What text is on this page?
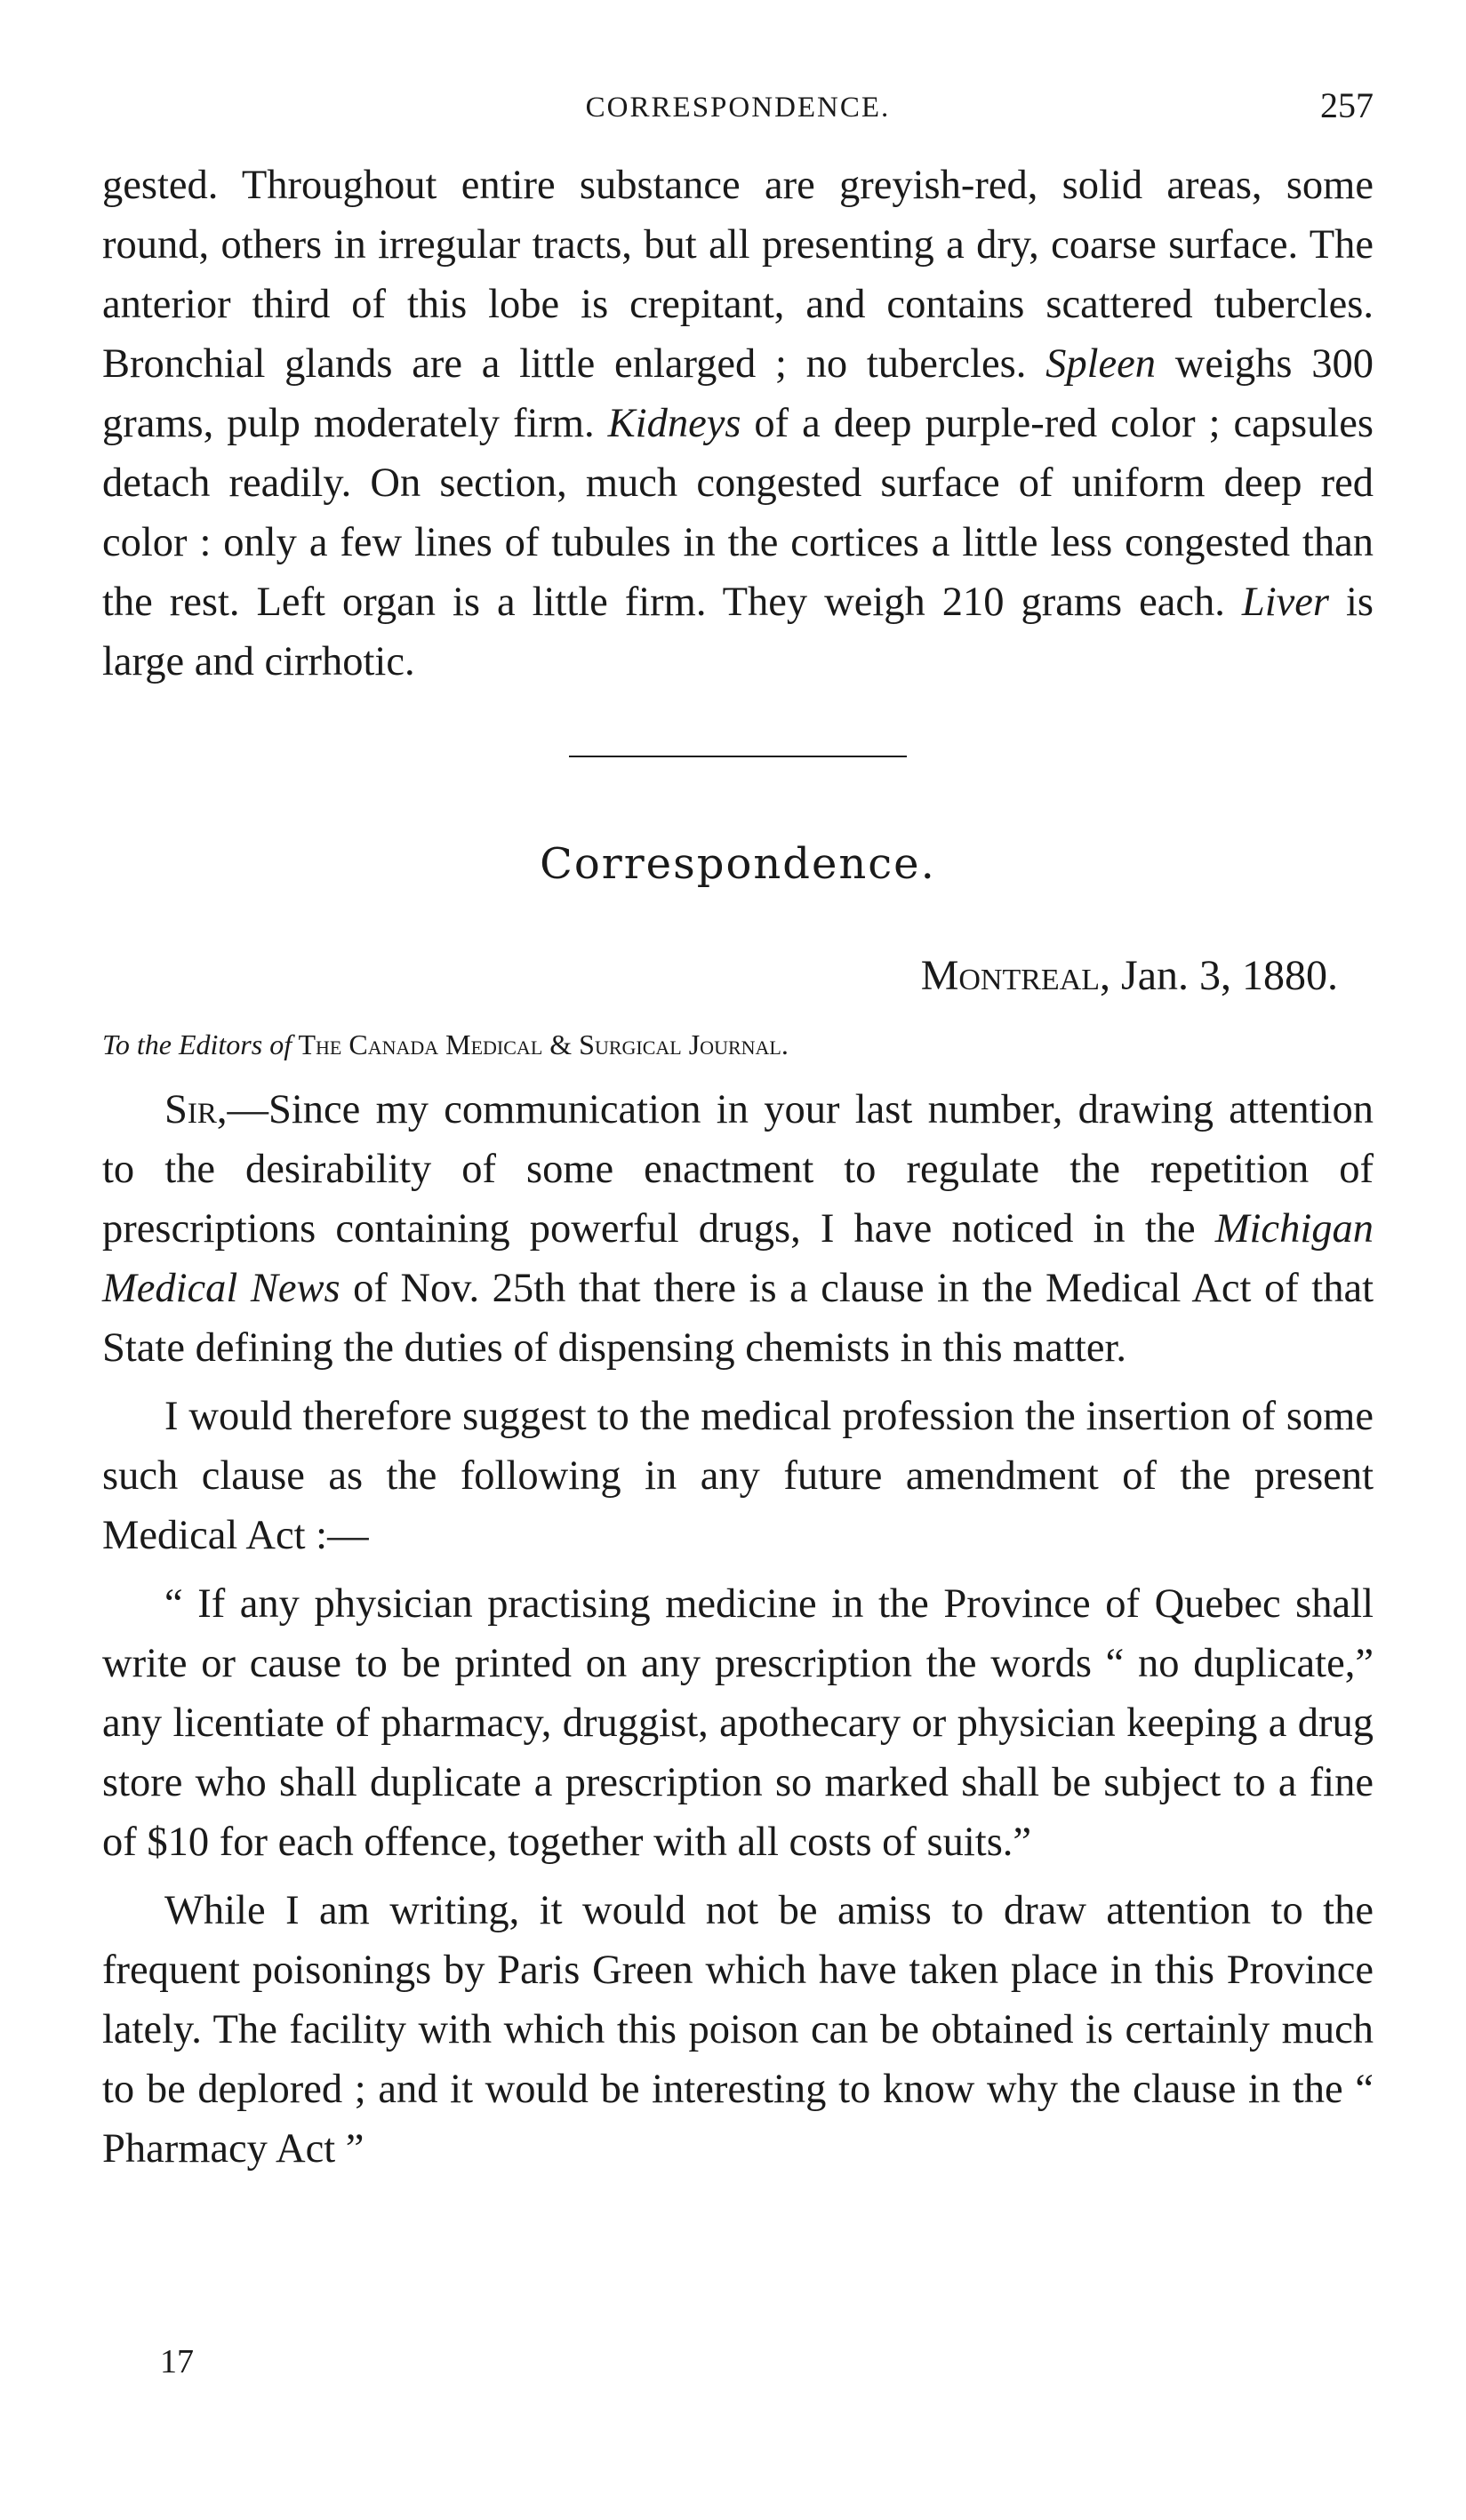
CORRESPONDENCE.	257

gested. Throughout entire substance are greyish-red, solid areas, some round, others in irregular tracts, but all presenting a dry, coarse surface. The anterior third of this lobe is crepitant, and contains scattered tubercles. Bronchial glands are a little enlarged ; no tubercles. Spleen weighs 300 grams, pulp moderately firm. Kidneys of a deep purple-red color ; capsules detach readily. On section, much congested surface of uniform deep red color : only a few lines of tubules in the cortices a little less congested than the rest. Left organ is a little firm. They weigh 210 grams each. Liver is large and cirrhotic.

Correspondence.
Montreal, Jan. 3, 1880.
To the Editors of The Canada Medical & Surgical Journal.

Sir,—Since my communication in your last number, drawing attention to the desirability of some enactment to regulate the repetition of prescriptions containing powerful drugs, I have noticed in the Michigan Medical News of Nov. 25th that there is a clause in the Medical Act of that State defining the duties of dispensing chemists in this matter.

I would therefore suggest to the medical profession the insertion of some such clause as the following in any future amendment of the present Medical Act :—

“ If any physician practising medicine in the Province of Quebec shall write or cause to be printed on any prescription the words “ no duplicate,” any licentiate of pharmacy, druggist, apothecary or physician keeping a drug store who shall duplicate a prescription so marked shall be subject to a fine of $10 for each offence, together with all costs of suits.”

While I am writing, it would not be amiss to draw attention to the frequent poisonings by Paris Green which have taken place in this Province lately. The facility with which this poison can be obtained is certainly much to be deplored ; and it would be interesting to know why the clause in the “ Pharmacy Act ”

17
